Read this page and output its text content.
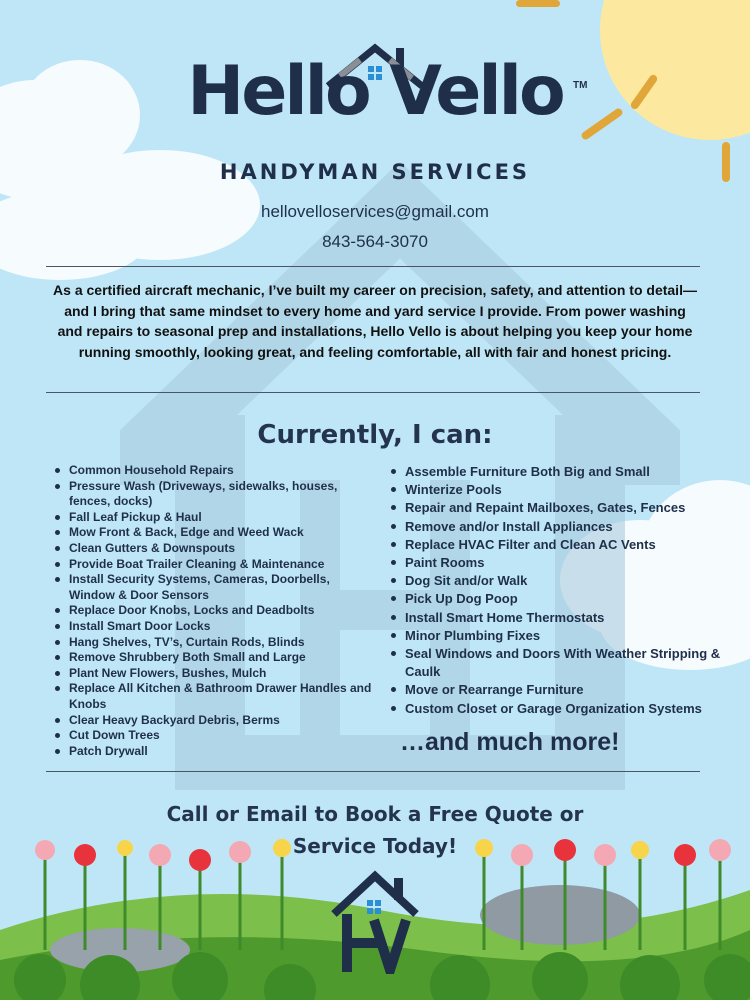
Hello Vello	TM
HANDYMAN SERVICES
hellovelloservices@gmail.com
843-564-3070

As a certified aircraft mechanic, I’ve built my career on precision, safety, and attention to detail—and I bring that same mindset to every home and yard service I provide. From power washing and repairs to seasonal prep and installations, Hello Vello is about helping you keep your home running smoothly, looking great, and feeling comfortable, all with fair and honest pricing.

Currently, I can:
Common Household Repairs
Pressure Wash (Driveways, sidewalks, houses, fences, docks)
Fall Leaf Pickup & Haul
Mow Front & Back, Edge and Weed Wack
Clean Gutters & Downspouts
Provide Boat Trailer Cleaning & Maintenance
Install Security Systems, Cameras, Doorbells, Window & Door Sensors
Replace Door Knobs, Locks and Deadbolts
Install Smart Door Locks
Hang Shelves, TV’s, Curtain Rods, Blinds
Remove Shrubbery Both Small and Large
Plant New Flowers, Bushes, Mulch
Replace All Kitchen & Bathroom Drawer Handles and Knobs
Clear Heavy Backyard Debris, Berms
Cut Down Trees
Patch Drywall
Assemble Furniture Both Big and Small
Winterize Pools
Repair and Repaint Mailboxes, Gates, Fences
Remove and/or Install Appliances
Replace HVAC Filter and Clean AC Vents
Paint Rooms
Dog Sit and/or Walk
Pick Up Dog Poop
Install Smart Home Thermostats
Minor Plumbing Fixes
Seal Windows and Doors With Weather Stripping & Caulk
Move or Rearrange Furniture
Custom Closet or Garage Organization Systems
…and much more!
Call or Email to Book a Free Quote or
Service Today!
